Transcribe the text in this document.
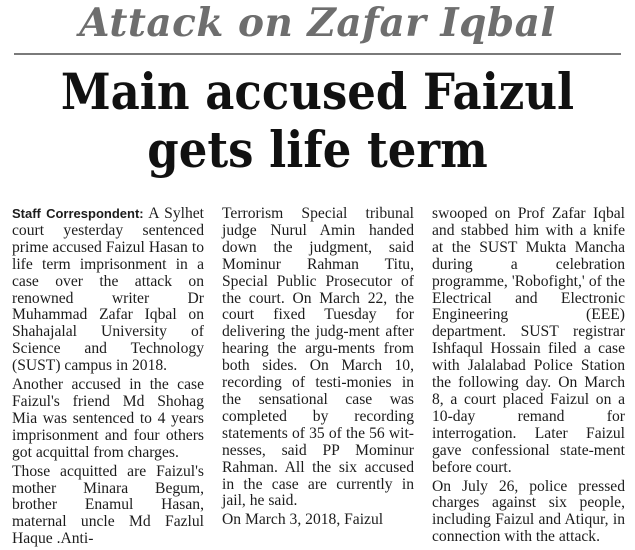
Attack on Zafar Iqbal
Main accused Faizul
gets life term

Staff Correspondent: A Sylhet court yesterday sentenced prime accused Faizul Hasan to life term imprisonment in a case over the attack on renowned writer Dr Muhammad Zafar Iqbal on Shahajalal University of Science and Technology (SUST) campus in 2018.

Another accused in the case Faizul's friend Md Shohag Mia was sentenced to 4 years imprisonment and four others got acquittal from charges.

Those acquitted are Faizul's mother Minara Begum, brother Enamul Hasan, maternal uncle Md Fazlul Haque .Anti-

Terrorism Special tribunal judge Nurul Amin handed down the judgment, said Mominur Rahman Titu, Special Public Prosecutor of the court. On March 22, the court fixed Tuesday for delivering the judg-ment after hearing the argu-ments from both sides. On March 10, recording of testi-monies in the sensational case was completed by recording statements of 35 of the 56 wit-nesses, said PP Mominur Rahman. All the six accused in the case are currently in jail, he said.

On March 3, 2018, Faizul

swooped on Prof Zafar Iqbal and stabbed him with a knife at the SUST Mukta Mancha during a celebration programme, 'Robofight,' of the Electrical and Electronic Engineering (EEE) department. SUST registrar Ishfaqul Hossain filed a case with Jalalabad Police Station the following day. On March 8, a court placed Faizul on a 10-day remand for interrogation. Later Faizul gave confessional state-ment before court.

On July 26, police pressed charges against six people, including Faizul and Atiqur, in connection with the attack.
